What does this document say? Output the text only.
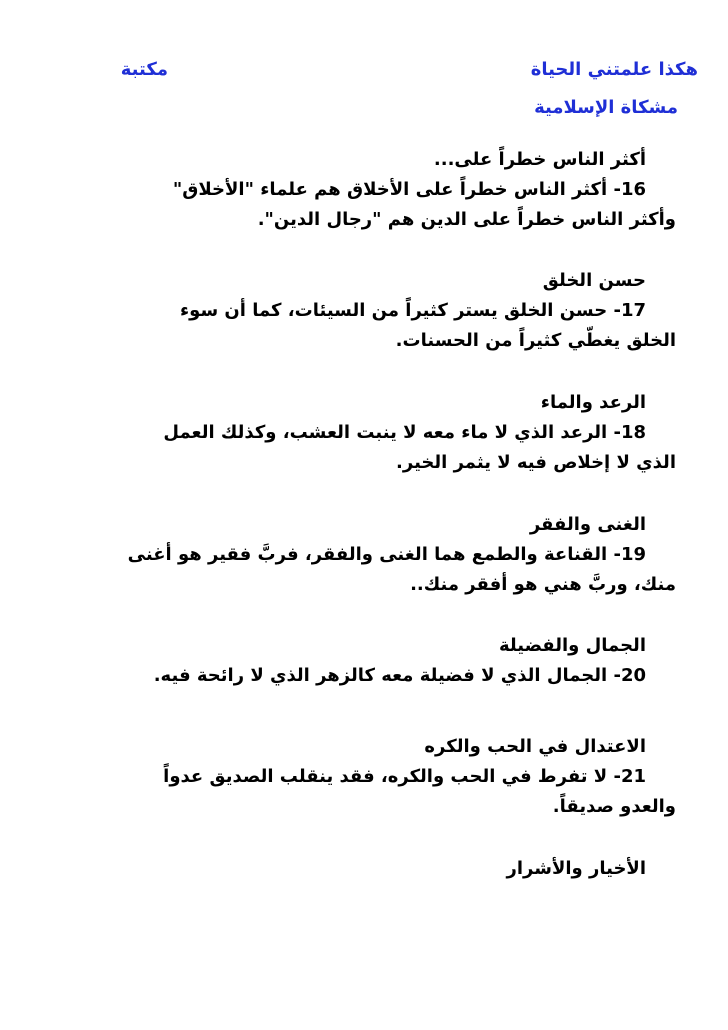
هكذا علمتني الحياة
مكتبة
مشكاة الإسلامية
أكثر الناس خطراً على...
16- أكثر الناس خطراً على الأخلاق هم علماء "الأخلاق"
وأكثر الناس خطراً على الدين هم "رجال الدين".
حسن الخلق
17- حسن الخلق يستر كثيراً من السيئات، كما أن سوء
الخلق يغطّي كثيراً من الحسنات.
الرعد والماء
18- الرعد الذي لا ماء معه لا ينبت العشب، وكذلك العمل
الذي لا إخلاص فيه لا يثمر الخير.
الغنى والفقر
19- القناعة والطمع هما الغنى والفقر، فربَّ فقير هو أغنى
منك، وربَّ هني هو أفقر منك..
الجمال والفضيلة
20- الجمال الذي لا فضيلة معه كالزهر الذي لا رائحة فيه.
الاعتدال في الحب والكره
21- لا تفرط في الحب والكره، فقد ينقلب الصديق عدواً
والعدو صديقاً.
الأخيار والأشرار
